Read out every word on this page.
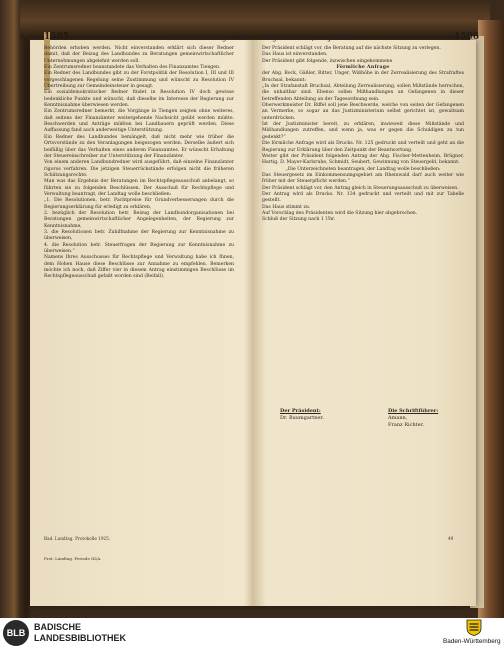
1505	Badischer Landtag. — 56. Sitzung. Mittwoch, 17. Juni 1925.	1506

Behörden erhoben werden. Nicht einverstanden erklärt sich dieser Redner damit, daß der Beizug des Landbundes zu Beratungen gemeinwirtschaftlicher Unternehmungen abgelehnt werden soll.

Ein Zentrumsredner beanstandete das Verhalten des Finanzamtes Tiengen.

Ein Redner des Landbundes gibt zu der Forstpolitik der Resolution I, III und III vorgeschlagenen Regelung seine Zustimmung und wünscht zu Resolution IV Übertreibung zur Gemeindeinsteuer in gesagt.

Ein sozialdemokratischer Redner findet in Resolution IV doch gewisse bedenkliche Punkte und wünscht, daß dieselbe im Interesse der Regierung zur Kenntnisnahme überwiesen werden.

Ein Zentrumsredner bemerkt, die Vorgänge in Tiengen zeigten ohne weiteres, daß seitens der Finanzämter weitergehende Nachsicht geübt werden müßte. Beschwerden und Anträge müßten bei Landbauern geprüft werden. Diese Auffassung fand auch anderweitige Unterstützung.

Ein Redner des Landbundes bemängelt, daß nicht mehr wie früher die Ortsvorstände zu den Veranlagungen beigezogen werden. Derselbe äußert sich beifällig über das Verhalten eines anderen Finanzamtes. Er wünscht Erhaltung der Steuereinschreiber zur Unterstützung der Finanzämter.

Von einem anderen Landbundredner wird ausgeführt, daß einzelne Finanzämter rigoros verfahren. Die jetzigen Steuerrückstände erfolgen nicht die früheren Schätzungsrechte.

Man was das Ergebnis der Beratungen im Rechtspflegeausschuß anbelangt, so führten sie zu folgenden Beschlüssen. Der Ausschuß für Rechtspflege und Verwaltung beantragt, der Landtag wolle beschließen:

„1. Die Resolutionen, betr. Pachtpreise für Grundverbesserungen durch die Regierungserklärung für erledigt zu erklären,

2. bezüglich der Resolution betr. Beizug der Landbundorganisationen bei Beratungen gemeinwirtschaftlicher Angelegenheiten, der Regierung zur Kenntnisnahme,

3. die Resolutionen betr. Zuhilfnahme der Regierung zur Kenntnisnahme zu überweisen,

4. die Resolution betr. Steuerfragen der Regierung zur Kenntnisnahme zu überweisen.“

Namens Ihres Ausschusses für Rechtspflege und Verwaltung habe ich Ihnen, dem Hohen Hause diese Beschlüsse zur Annahme zu empfehlen. Bemerken möchte ich noch, daß Ziffer vier in diesem Antrag einstimmigen Beschlüsse im Rechtspflegeausschuß gefaßt worden sind (Beifall).

Der Präsident schlägt vor, die Beratung auf die nächste Sitzung zu verlegen.

Das Haus ist einverstanden.

Der Präsident gibt folgende, inzwischen eingekommene

Förmliche Anfrage

der Abg. Bock, Gäßler, Ritter, Unger, Wißhöhe in der Zerrealisierung des Strafraftes Bruchsal, bekannt:

„In der Strafanstalt Bruchsal, Abteilung Zerrealisierung, sollen Mißstände herrschen, die unhaltbar sind. Ebenso sollen Mißhandlungen an Gefangenen in dieser betreffenden Abteilung an der Tagesordnung sein.

Oberwerkmeister Dr. Riffel soll jene Beschwerde, welche von seiten der Gefangenen an Vermerke, so sogar an das Justizministerium selbst gerichtet ist, gewaltsam unterdrücken.

Ist der Justizminister bereit, zu erklären, inwieweit diese Mißstände und Mißhandlungen zutreffen, und wenn ja, was er gegen die Schuldigen zu tun gedenkt?“

Die förmliche Anfrage wird als Drucks. Nr. 125 gedruckt und verteilt und geht an die Regierung zur Erklärung über den Zeitpunkt der Beantwortung.

Weiter gibt der Präsident folgenden Antrag der Abg. Fischer-Mettenheim, Brügner, Hartig, D. Mayer-Karlsruhe, Schmidt, Seubert, Gewinnung von Steuergeld, bekannt:

„Die Unterzeichneten beantragen, der Landtag wolle beschließen:

Das Steuergesetz im Einkommensumgsgebiet am Rheinwald darf auch weiter wie früher mit der Steuerpflicht werden.“

Der Präsident schlägt vor, den Antrag gleich in Steuerungsausschuß zu überweisen.

Der Antrag wird als Drucks. Nr. 134 gedruckt und verteilt und mit zur Tabelle gestellt.

Das Haus stimmt zu.

Auf Vorschlag des Präsidenten wird die Sitzung hier abgebrochen.

Schluß der Sitzung nach 1 Uhr.

Der Präsident:
Dr. Baumgartner.
Die Schriftführer:
Amann,
Franz Richter.
Bad. Landtag. Protokolle 1925.	49
Prot. Landtag. Periode III/A.
BLB
BADISCHE
LANDESBIBLIOTHEK	Baden-Württemberg
